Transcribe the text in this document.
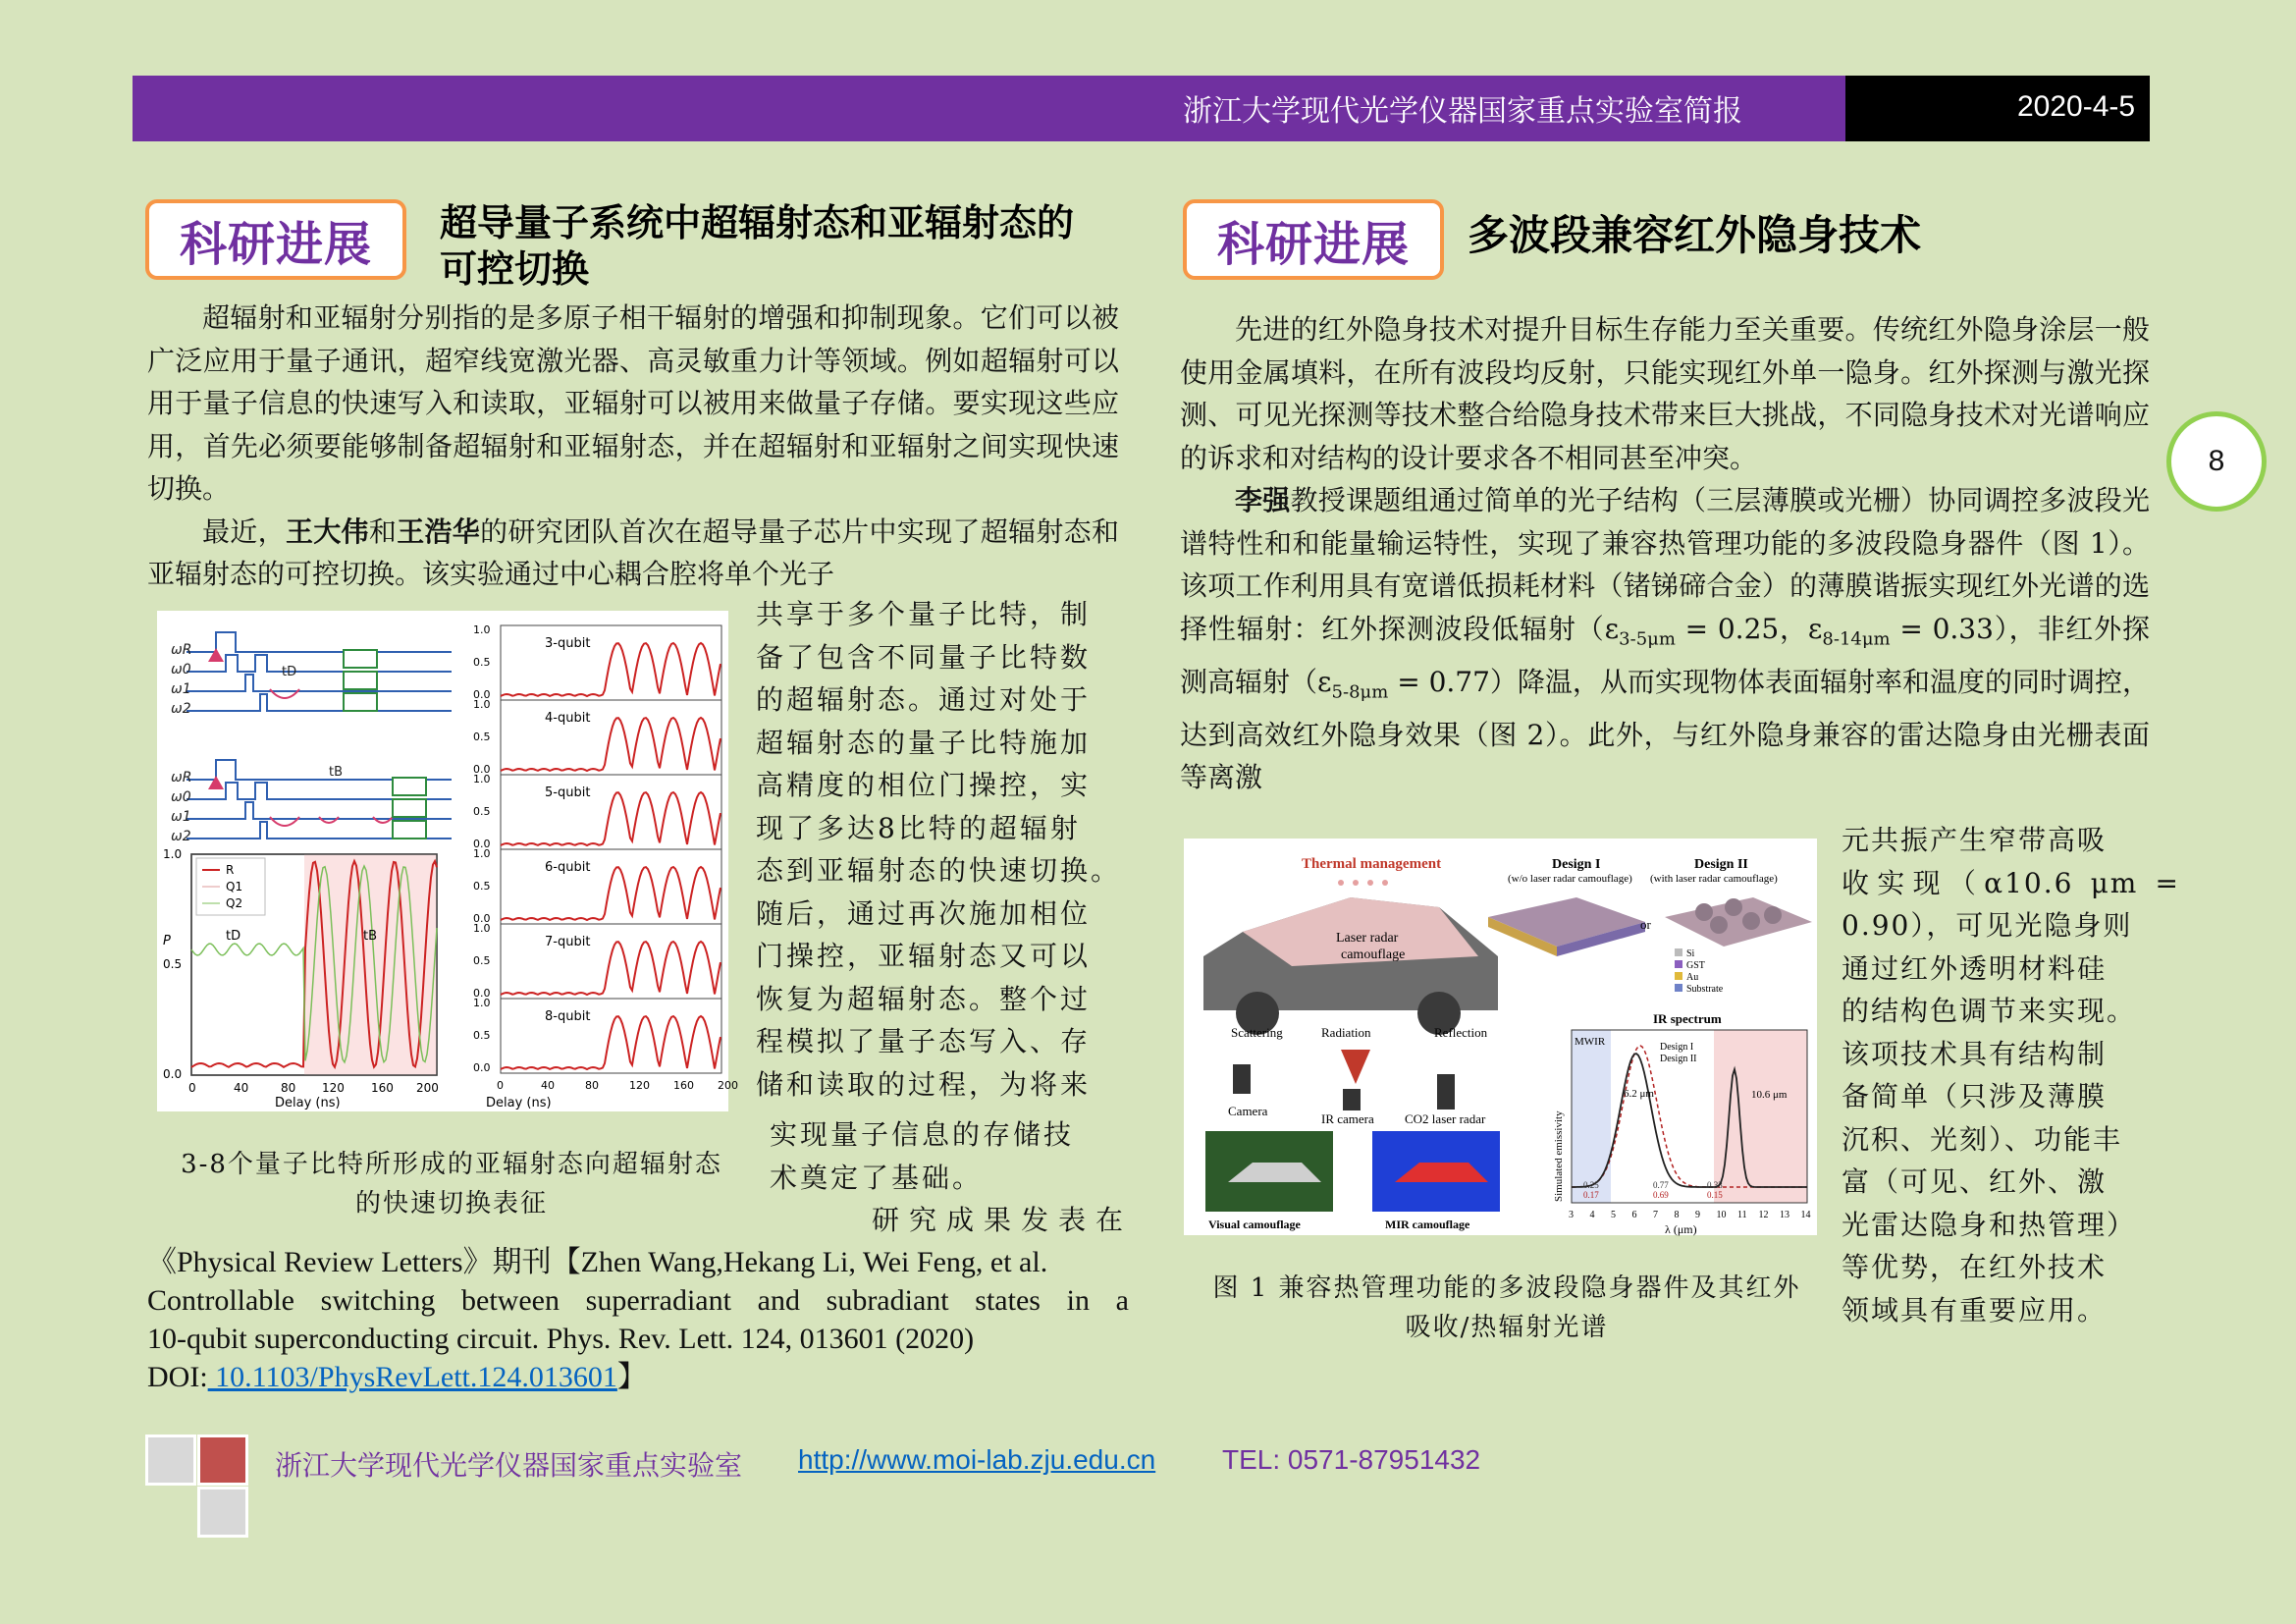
浙江大学现代光学仪器国家重点实验室简报	2020-4-5
8
科研进展 超导量子系统中超辐射态和亚辐射态的
可控切换

超辐射和亚辐射分别指的是多原子相干辐射的增强和抑制现象。它们可以被广泛应用于量子通讯，超窄线宽激光器、高灵敏重力计等领域。例如超辐射可以用于量子信息的快速写入和读取，亚辐射可以被用来做量子存储。要实现这些应用，首先必须要能够制备超辐射和亚辐射态，并在超辐射和亚辐射之间实现快速切换。

最近，王大伟和王浩华的研究团队首次在超导量子芯片中实现了超辐射态和亚辐射态的可控切换。该实验通过中心耦合腔将单个光子

ωR
ω0
ω1
ω2
ωR
ω0
ω1
ω2
tD
tB
R
Q1
Q2
1.0
0.5
0.0
P
0	40	80 120 160 200
Delay (ns)
tD	tB
3-qubit
1.0
0.5
0.0
4-qubit
1.0
0.5
0.0
5-qubit
1.0
0.5
0.0
6-qubit
1.0
0.5
0.0
7-qubit
1.0
0.5
0.0
8-qubit
1.0
0.5
0.0
0	40	80	120 160 200
Delay (ns)
共享于多个量子比特，制
备了包含不同量子比特数
的超辐射态。通过对处于
超辐射态的量子比特施加
高精度的相位门操控，实
现了多达8比特的超辐射
态到亚辐射态的快速切换。
随后，通过再次施加相位
门操控，亚辐射态又可以
恢复为超辐射态。整个过
程模拟了量子态写入、存
储和读取的过程，为将来
实现量子信息的存储技
术奠定了基础。
研究成果发表在
3-8个量子比特所形成的亚辐射态向超辐射态
的快速切换表征
《Physical Review Letters》期刊【Zhen Wang,Hekang Li, Wei Feng, et al.
Controllable switching between superradiant and subradiant states in a
10-qubit superconducting circuit. Phys. Rev. Lett. 124, 013601 (2020)
DOI: 10.1103/PhysRevLett.124.013601】
科研进展 多波段兼容红外隐身技术

先进的红外隐身技术对提升目标生存能力至关重要。传统红外隐身涂层一般使用金属填料，在所有波段均反射，只能实现红外单一隐身。红外探测与激光探测、可见光探测等技术整合给隐身技术带来巨大挑战，不同隐身技术对光谱响应的诉求和对结构的设计要求各不相同甚至冲突。

李强教授课题组通过简单的光子结构（三层薄膜或光栅）协同调控多波段光谱特性和和能量输运特性，实现了兼容热管理功能的多波段隐身器件（图 1）。该项工作利用具有宽谱低损耗材料（锗锑碲合金）的薄膜谐振实现红外光谱的选择性辐射：红外探测波段低辐射（$\varepsilon_{3-5\mu m} = 0.25$，$\varepsilon_{8-14\mu m} = 0.33$），非红外探测高辐射$(\varepsilon_{5-8\mu m} = 0.77)$降温，从而实现物体表面辐射率和温度的同时调控，达到高效红外隐身效果（图 2）。此外，与红外隐身兼容的雷达隐身由光栅表面等离激

Thermal management
Laser radar
camouflage
Design I
(w/o laser radar camouflage)
Design II
(with laser radar camouflage)
or
Si
GST
Au
Substrate
Scattering	Radiation	Reflection
Camera
IR camera CO2 laser radar
Visual camouflage	MIR camouflage
IR spectrum
MWIR	Design I
Design II
6.2 μm	10.6 μm
0.25	0.77	0.33
0.17	0.69	0.15
Simulated emissivity
3 4 5 6 7 8 9 10 11 12 13 14
λ (μm)
元共振产生窄带高吸
收实现（α10.6 μm =
0.90），可见光隐身则
通过红外透明材料硅
的结构色调节来实现。
该项技术具有结构制
备简单（只涉及薄膜
沉积、光刻）、功能丰
富（可见、红外、激
光雷达隐身和热管理）
等优势，在红外技术
领域具有重要应用。
图 1 兼容热管理功能的多波段隐身器件及其红外
吸收/热辐射光谱
浙江大学现代光学仪器国家重点实验室 http://www.moi-lab.zju.edu.cn TEL: 0571-87951432
